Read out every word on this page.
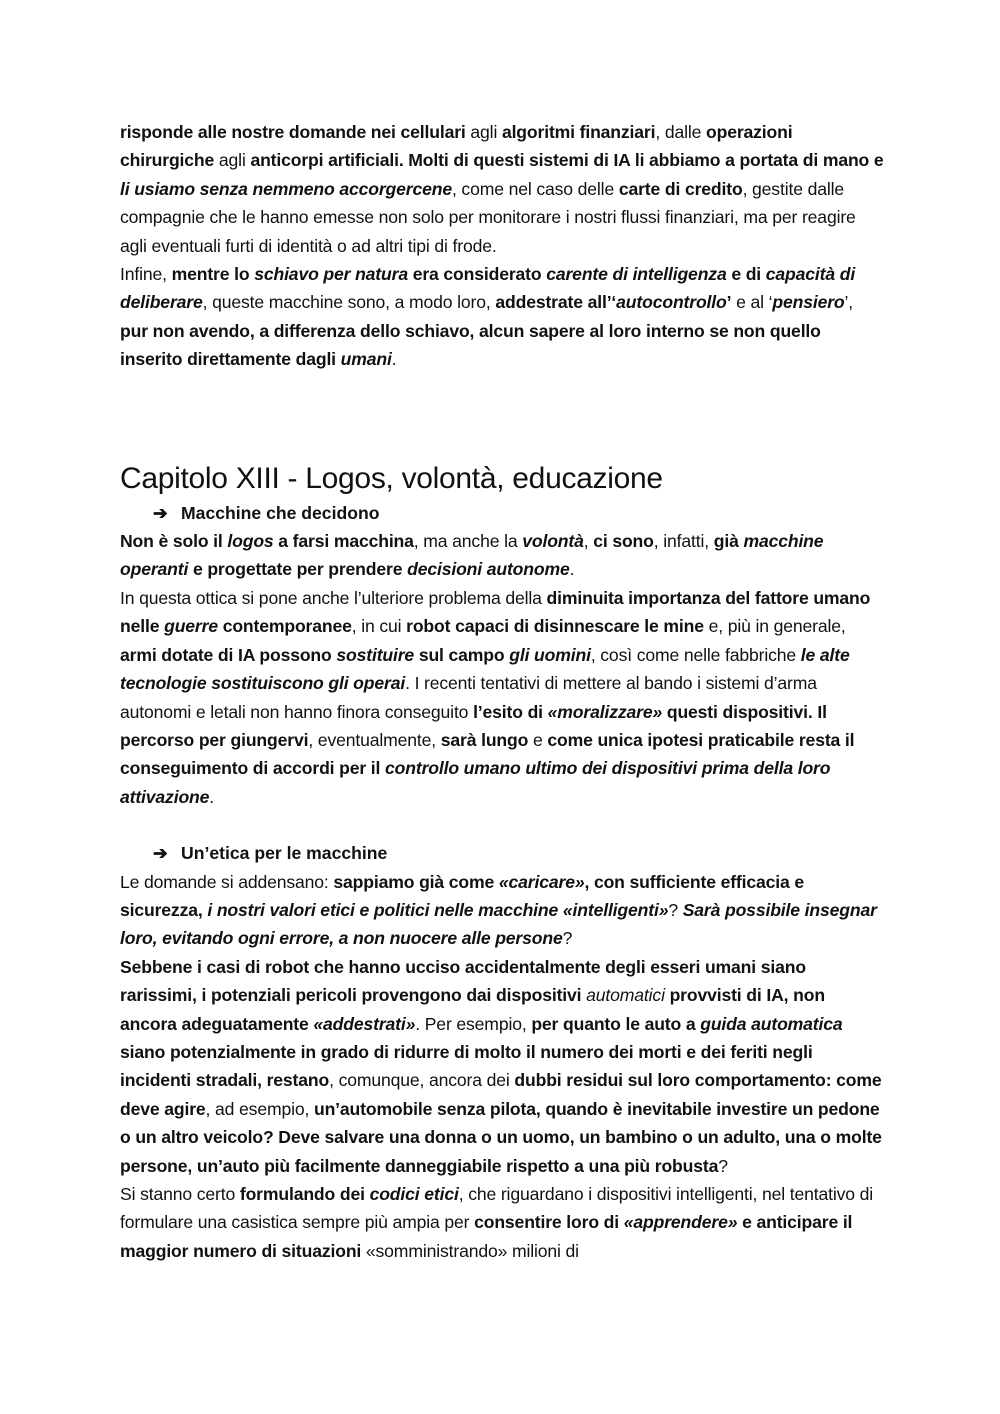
risponde alle nostre domande nei cellulari agli algoritmi finanziari, dalle operazioni chirurgiche agli anticorpi artificiali. Molti di questi sistemi di IA li abbiamo a portata di mano e li usiamo senza nemmeno accorgercene, come nel caso delle carte di credito, gestite dalle compagnie che le hanno emesse non solo per monitorare i nostri flussi finanziari, ma per reagire agli eventuali furti di identità o ad altri tipi di frode.

Infine, mentre lo schiavo per natura era considerato carente di intelligenza e di capacità di deliberare, queste macchine sono, a modo loro, addestrate all’‘autocontrollo’ e al ‘pensiero’, pur non avendo, a differenza dello schiavo, alcun sapere al loro interno se non quello inserito direttamente dagli umani.

Capitolo XIII - Logos, volontà, educazione

➔ Macchine che decidono

Non è solo il logos a farsi macchina, ma anche la volontà, ci sono, infatti, già macchine operanti e progettate per prendere decisioni autonome.

In questa ottica si pone anche l’ulteriore problema della diminuita importanza del fattore umano nelle guerre contemporanee, in cui robot capaci di disinnescare le mine e, più in generale, armi dotate di IA possono sostituire sul campo gli uomini, così come nelle fabbriche le alte tecnologie sostituiscono gli operai. I recenti tentativi di mettere al bando i sistemi d’arma autonomi e letali non hanno finora conseguito l’esito di «moralizzare» questi dispositivi. Il percorso per giungervi, eventualmente, sarà lungo e come unica ipotesi praticabile resta il conseguimento di accordi per il controllo umano ultimo dei dispositivi prima della loro attivazione.

➔ Un’etica per le macchine

Le domande si addensano: sappiamo già come «caricare», con sufficiente efficacia e sicurezza, i nostri valori etici e politici nelle macchine «intelligenti»? Sarà possibile insegnar loro, evitando ogni errore, a non nuocere alle persone?

Sebbene i casi di robot che hanno ucciso accidentalmente degli esseri umani siano rarissimi, i potenziali pericoli provengono dai dispositivi automatici provvisti di IA, non ancora adeguatamente «addestrati». Per esempio, per quanto le auto a guida automatica siano potenzialmente in grado di ridurre di molto il numero dei morti e dei feriti negli incidenti stradali, restano, comunque, ancora dei dubbi residui sul loro comportamento: come deve agire, ad esempio, un’automobile senza pilota, quando è inevitabile investire un pedone o un altro veicolo? Deve salvare una donna o un uomo, un bambino o un adulto, una o molte persone, un’auto più facilmente danneggiabile rispetto a una più robusta?

Si stanno certo formulando dei codici etici, che riguardano i dispositivi intelligenti, nel tentativo di formulare una casistica sempre più ampia per consentire loro di «apprendere» e anticipare il maggior numero di situazioni «somministrando» milioni di
